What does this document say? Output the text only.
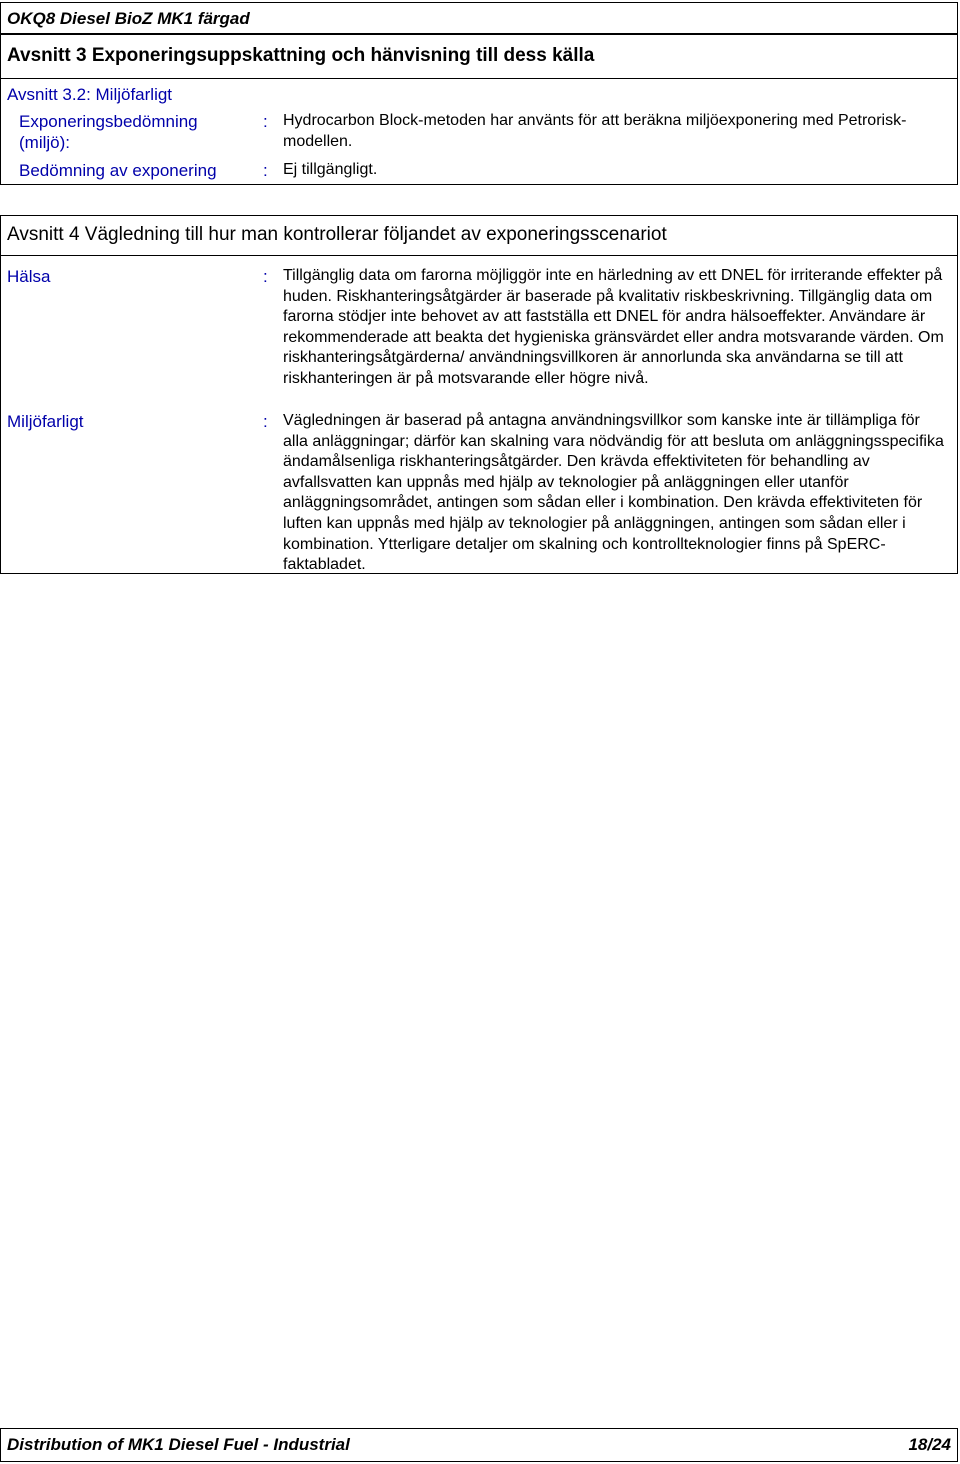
OKQ8 Diesel BioZ MK1 färgad
Avsnitt 3 Exponeringsuppskattning och hänvisning till dess källa
Avsnitt 3.2: Miljöfarligt
Exponeringsbedömning (miljö):
: Hydrocarbon Block-metoden har använts för att beräkna miljöexponering med Petrorisk-modellen.
Bedömning av exponering	: Ej tillgängligt.
Avsnitt 4 Vägledning till hur man kontrollerar följandet av exponeringsscenariot
Hälsa	: Tillgänglig data om farorna möjliggör inte en härledning av ett DNEL för irriterande effekter på huden. Riskhanteringsåtgärder är baserade på kvalitativ riskbeskrivning. Tillgänglig data om farorna stödjer inte behovet av att fastställa ett DNEL för andra hälsoeffekter. Användare är rekommenderade att beakta det hygieniska gränsvärdet eller andra motsvarande värden. Om riskhanteringsåtgärderna/ användningsvillkoren är annorlunda ska användarna se till att riskhanteringen är på motsvarande eller högre nivå.
Miljöfarligt	: Vägledningen är baserad på antagna användningsvillkor som kanske inte är tillämpliga för alla anläggningar; därför kan skalning vara nödvändig för att besluta om anläggningsspecifika ändamålsenliga riskhanteringsåtgärder. Den krävda effektiviteten för behandling av avfallsvatten kan uppnås med hjälp av teknologier på anläggningen eller utanför anläggningsområdet, antingen som sådan eller i kombination. Den krävda effektiviteten för luften kan uppnås med hjälp av teknologier på anläggningen, antingen som sådan eller i kombination. Ytterligare detaljer om skalning och kontrollteknologier finns på SpERC-faktabladet.
Distribution of MK1 Diesel Fuel - Industrial	18/24
